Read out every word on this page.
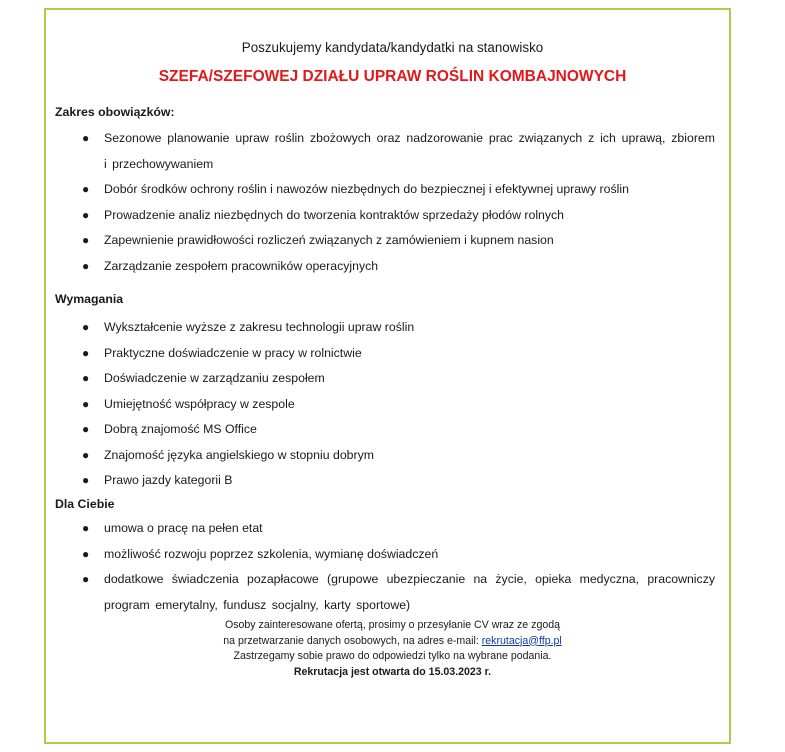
Poszukujemy kandydata/kandydatki na stanowisko
SZEFA/SZEFOWEJ DZIAŁU UPRAW ROŚLIN KOMBAJNOWYCH
Zakres obowiązków:
● Sezonowe planowanie upraw roślin zbożowych oraz nadzorowanie prac związanych z ich uprawą, zbiorem i przechowywaniem
● Dobór środków ochrony roślin i nawozów niezbędnych do bezpiecznej i efektywnej uprawy roślin
● Prowadzenie analiz niezbędnych do tworzenia kontraktów sprzedaży płodów rolnych
● Zapewnienie prawidłowości rozliczeń związanych z zamówieniem i kupnem nasion
● Zarządzanie zespołem pracowników operacyjnych
Wymagania
● Wykształcenie wyższe z zakresu technologii upraw roślin
● Praktyczne doświadczenie w pracy w rolnictwie
● Doświadczenie w zarządzaniu zespołem
● Umiejętność współpracy w zespole
● Dobrą znajomość MS Office
● Znajomość języka angielskiego w stopniu dobrym
● Prawo jazdy kategorii B
Dla Ciebie
● umowa o pracę na pełen etat
● możliwość rozwoju poprzez szkolenia, wymianę doświadczeń
● dodatkowe świadczenia pozapłacowe (grupowe ubezpieczanie na życie, opieka medyczna, pracowniczy program emerytalny, fundusz socjalny, karty sportowe)
Osoby zainteresowane ofertą, prosimy o przesyłanie CV wraz ze zgodą
na przetwarzanie danych osobowych, na adres e-mail: rekrutacja@ffp.pl
Zastrzegamy sobie prawo do odpowiedzi tylko na wybrane podania.
Rekrutacja jest otwarta do 15.03.2023 r.
